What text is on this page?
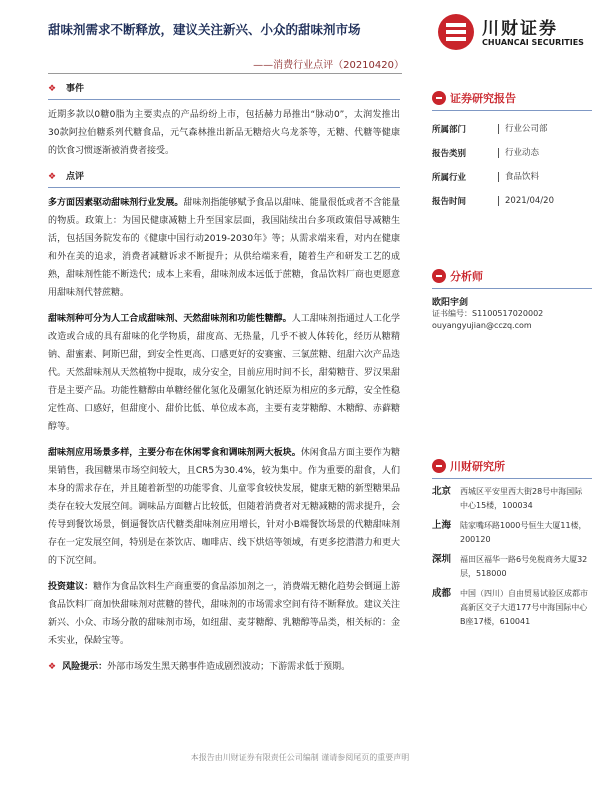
甜味剂需求不断释放，建议关注新兴、小众的甜味剂市场
——消费行业点评（20210420）
川财证券
CHUANCAI SECURITIES
❖ 事件

近期多款以0糖0脂为主要卖点的产品纷纷上市，包括赫力昂推出“脉动0”，太润发推出30款阿拉伯糖系列代糖食品，元气森林推出新品无糖焙火乌龙茶等，无糖、代糖等健康的饮食习惯逐渐被消费者接受。

❖ 点评

多方面因素驱动甜味剂行业发展。甜味剂指能够赋予食品以甜味、能量很低或者不含能量的物质。政策上：为国民健康减糖上升至国家层面，我国陆续出台多项政策倡导减糖生活，包括国务院发布的《健康中国行动2019-2030年》等；从需求端来看，对内在健康和外在美的追求，消费者减糖诉求不断提升；从供给端来看，随着生产和研发工艺的成熟，甜味剂性能不断迭代；成本上来看，甜味剂成本远低于蔗糖，食品饮料厂商也更愿意用甜味剂代替蔗糖。

甜味剂种可分为人工合成甜味剂、天然甜味剂和功能性糖醇。人工甜味剂指通过人工化学改造或合成的具有甜味的化学物质，甜度高、无热量，几乎不被人体转化，经历从糖精钠、甜蜜素、阿斯巴甜，到安全性更高、口感更好的安赛蜜、三氯蔗糖、纽甜六次产品迭代。天然甜味剂从天然植物中提取，成分安全，目前应用时间不长，甜菊糖苷、罗汉果甜苷是主要产品。功能性糖醇由单糖经催化氢化及硼氢化钠还原为相应的多元醇，安全性稳定性高、口感好，但甜度小、甜价比低、单位成本高，主要有麦芽糖醇、木糖醇、赤藓糖醇等。

甜味剂应用场景多样，主要分布在休闲零食和调味剂两大板块。休闲食品方面主要作为糖果销售，我国糖果市场空间较大，且CR5为30.4%，较为集中。作为重要的甜食，人们本身的需求存在，并且随着新型的功能零食、儿童零食较快发展，健康无糖的新型糖果品类存在较大发展空间。调味品方面糖占比较低，但随着消费者对无糖减糖的需求提升，会传导到餐饮场景，倒逼餐饮店代糖类甜味剂应用增长，针对小B端餐饮场景的代糖甜味剂存在一定发展空间，特别是在茶饮店、咖啡店、线下烘焙等领域，有更多挖潜潜力和更大的下沉空间。

投资建议：糖作为食品饮料生产商重要的食品添加剂之一，消费端无糖化趋势会倒逼上游食品饮料厂商加快甜味剂对蔗糖的替代，甜味剂的市场需求空间有待不断释放。建议关注新兴、小众、市场分散的甜味剂市场，如纽甜、麦芽糖醇、乳糖醇等品类，相关标的：金禾实业，保龄宝等。

❖ 风险提示：外部市场发生黑天鹅事件造成剧烈波动；下游需求低于预期。

证券研究报告
所属部门	行业公司部
报告类别	行业动态
所属行业	食品饮料
报告时间	2021/04/20
分析师
欧阳宇剑
证书编号：S1100517020002
ouyangyujian@cczq.com
川财研究所
北京	西城区平安里西大街28号中海国际中心15楼，100034
上海	陆家嘴环路1000号恒生大厦11楼，200120
深圳	福田区福华一路6号免税商务大厦32层，518000
成都	中国（四川）自由贸易试验区成都市高新区交子大道177号中海国际中心B座17楼，610041
本报告由川财证券有限责任公司编制 谨请参阅尾页的重要声明
